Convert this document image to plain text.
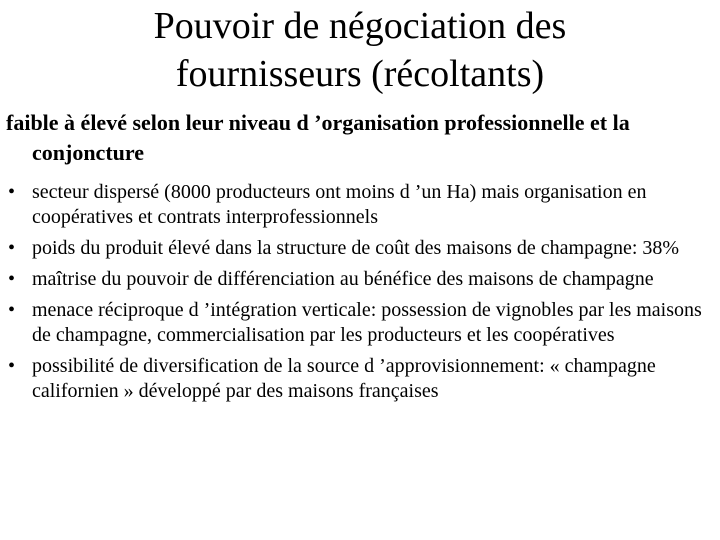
Pouvoir de négociation des
fournisseurs (récoltants)

faible à élevé selon leur niveau d ’organisation professionnelle et la conjoncture

• secteur dispersé (8000 producteurs ont moins d ’un Ha) mais organisation en coopératives et contrats interprofessionnels
• poids du produit élevé dans la structure de coût des maisons de champagne: 38%
• maîtrise du pouvoir de différenciation au bénéfice des maisons de champagne
• menace réciproque d ’intégration verticale: possession de vignobles par les maisons de champagne, commercialisation par les producteurs et les coopératives
• possibilité de diversification de la source d ’approvisionnement: « champagne californien » développé par des maisons françaises
